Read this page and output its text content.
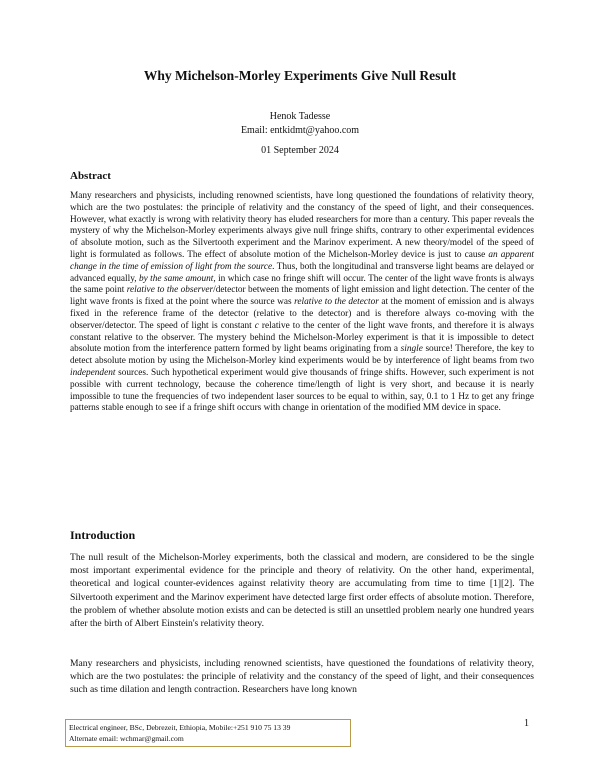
Why Michelson-Morley Experiments Give Null Result
Henok Tadesse
Email: entkidmt@yahoo.com
01 September 2024
Abstract
Many researchers and physicists, including renowned scientists, have long questioned the foundations of relativity theory, which are the two postulates: the principle of relativity and the constancy of the speed of light, and their consequences. However, what exactly is wrong with relativity theory has eluded researchers for more than a century. This paper reveals the mystery of why the Michelson-Morley experiments always give null fringe shifts, contrary to other experimental evidences of absolute motion, such as the Silvertooth experiment and the Marinov experiment. A new theory/model of the speed of light is formulated as follows. The effect of absolute motion of the Michelson-Morley device is just to cause an apparent change in the time of emission of light from the source. Thus, both the longitudinal and transverse light beams are delayed or advanced equally, by the same amount, in which case no fringe shift will occur. The center of the light wave fronts is always the same point relative to the observer/detector between the moments of light emission and light detection. The center of the light wave fronts is fixed at the point where the source was relative to the detector at the moment of emission and is always fixed in the reference frame of the detector (relative to the detector) and is therefore always co-moving with the observer/detector. The speed of light is constant c relative to the center of the light wave fronts, and therefore it is always constant relative to the observer. The mystery behind the Michelson-Morley experiment is that it is impossible to detect absolute motion from the interference pattern formed by light beams originating from a single source! Therefore, the key to detect absolute motion by using the Michelson-Morley kind experiments would be by interference of light beams from two independent sources. Such hypothetical experiment would give thousands of fringe shifts. However, such experiment is not possible with current technology, because the coherence time/length of light is very short, and because it is nearly impossible to tune the frequencies of two independent laser sources to be equal to within, say, 0.1 to 1 Hz to get any fringe patterns stable enough to see if a fringe shift occurs with change in orientation of the modified MM device in space.
Introduction
The null result of the Michelson-Morley experiments, both the classical and modern, are considered to be the single most important experimental evidence for the principle and theory of relativity. On the other hand, experimental, theoretical and logical counter-evidences against relativity theory are accumulating from time to time [1][2]. The Silvertooth experiment and the Marinov experiment have detected large first order effects of absolute motion. Therefore, the problem of whether absolute motion exists and can be detected is still an unsettled problem nearly one hundred years after the birth of Albert Einstein's relativity theory.
Many researchers and physicists, including renowned scientists, have questioned the foundations of relativity theory, which are the two postulates: the principle of relativity and the constancy of the speed of light, and their consequences such as time dilation and length contraction. Researchers have long known
1
Electrical engineer, BSc, Debrezeit, Ethiopia, Mobile:+251 910 75 13 39
Alternate email: wchmar@gmail.com
